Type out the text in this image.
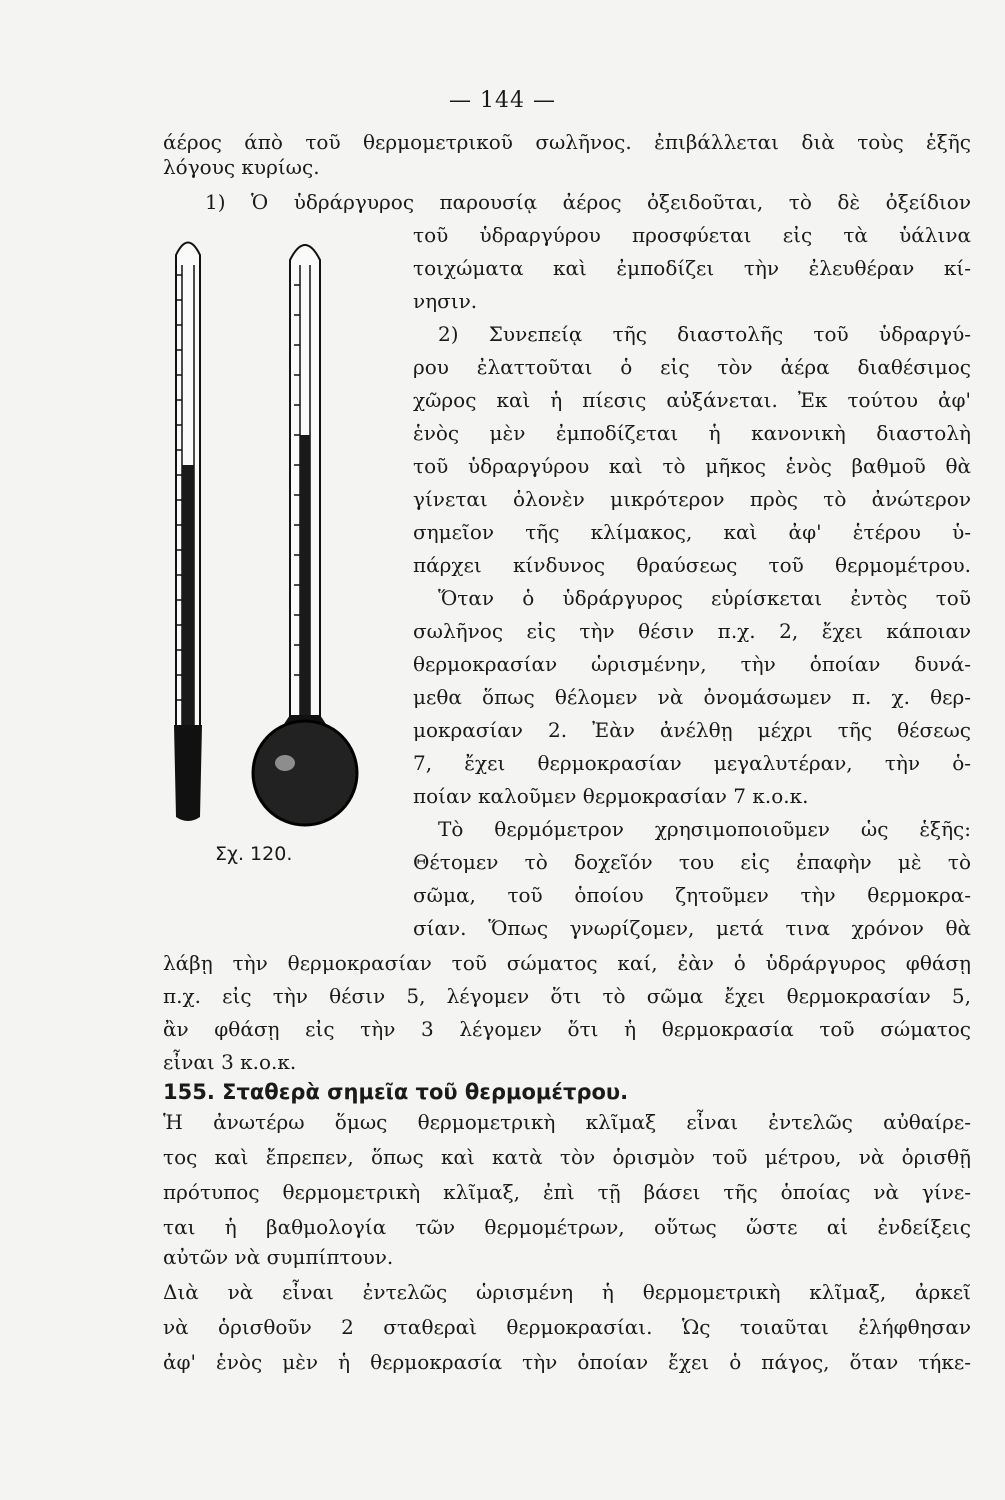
— 144 —
άέρος άπὸ τοῦ θερμομετρικοῦ σωλῆνος. ἐπιβάλλεται διὰ τοὺς ἑξῆς
λόγους κυρίως.
1) Ὁ ὑδράργυρος παρουσίᾳ ἀέρος ὀξειδοῦται, τὸ δὲ ὀξείδιον
τοῦ ὑδραργύρου προσφύεται εἰς τὰ ὑάλινα
τοιχώματα καὶ ἐμποδίζει τὴν ἐλευθέραν κί-
νησιν.
2) Συνεπείᾳ τῆς διαστολῆς τοῦ ὑδραργύ-
ρου ἐλαττοῦται ὁ εἰς τὸν ἀέρα διαθέσιμος
χῶρος καὶ ἡ πίεσις αὐξάνεται. Ἐκ τούτου ἀφ'
ἑνὸς μὲν ἐμποδίζεται ἡ κανονικὴ διαστολὴ
τοῦ ὑδραργύρου καὶ τὸ μῆκος ἑνὸς βαθμοῦ θὰ
γίνεται ὁλονὲν μικρότερον πρὸς τὸ ἀνώτερον
σημεῖον τῆς κλίμακος, καὶ ἀφ' ἑτέρου ὑ-
πάρχει κίνδυνος θραύσεως τοῦ θερμομέτρου.
Ὅταν ὁ ὑδράργυρος εὑρίσκεται ἐντὸς τοῦ
σωλῆνος εἰς τὴν θέσιν π.χ. 2, ἔχει κάποιαν
θερμοκρασίαν ὡρισμένην, τὴν ὁποίαν δυνά-
μεθα ὅπως θέλομεν νὰ ὀνομάσωμεν π. χ. θερ-
μοκρασίαν 2. Ἐὰν ἀνέλθῃ μέχρι τῆς θέσεως
7, ἔχει θερμοκρασίαν μεγαλυτέραν, τὴν ὁ-
ποίαν καλοῦμεν θερμοκρασίαν 7 κ.ο.κ.
Τὸ θερμόμετρον χρησιμοποιοῦμεν ὡς ἑξῆς:
Θέτομεν τὸ δοχεῖόν του εἰς ἐπαφὴν μὲ τὸ
σῶμα, τοῦ ὁποίου ζητοῦμεν τὴν θερμοκρα-
σίαν. Ὅπως γνωρίζομεν, μετά τινα χρόνον θὰ
λάβῃ τὴν θερμοκρασίαν τοῦ σώματος καί, ἐὰν ὁ ὑδράργυρος φθάσῃ
π.χ. εἰς τὴν θέσιν 5, λέγομεν ὅτι τὸ σῶμα ἔχει θερμοκρασίαν 5,
ἂν φθάσῃ εἰς τὴν 3 λέγομεν ὅτι ἡ θερμοκρασία τοῦ σώματος
εἶναι 3 κ.ο.κ.
155. Σταθερὰ σημεῖα τοῦ θερμομέτρου.
Ἡ ἀνωτέρω ὅμως θερμομετρικὴ κλῖμαξ εἶναι ἐντελῶς αὐθαίρε-
τος καὶ ἔπρεπεν, ὅπως καὶ κατὰ τὸν ὁρισμὸν τοῦ μέτρου, νὰ ὁρισθῇ
πρότυπος θερμομετρικὴ κλῖμαξ, ἐπὶ τῇ βάσει τῆς ὁποίας νὰ γίνε-
ται ἡ βαθμολογία τῶν θερμομέτρων, οὕτως ὥστε αἱ ἐνδείξεις
αὐτῶν νὰ συμπίπτουν.
Διὰ νὰ εἶναι ἐντελῶς ὡρισμένη ἡ θερμομετρικὴ κλῖμαξ, ἀρκεῖ
νὰ ὁρισθοῦν 2 σταθεραὶ θερμοκρασίαι. Ὡς τοιαῦται ἐλήφθησαν
ἀφ' ἑνὸς μὲν ἡ θερμοκρασία τὴν ὁποίαν ἔχει ὁ πάγος, ὅταν τήκε-
Σχ. 120.
